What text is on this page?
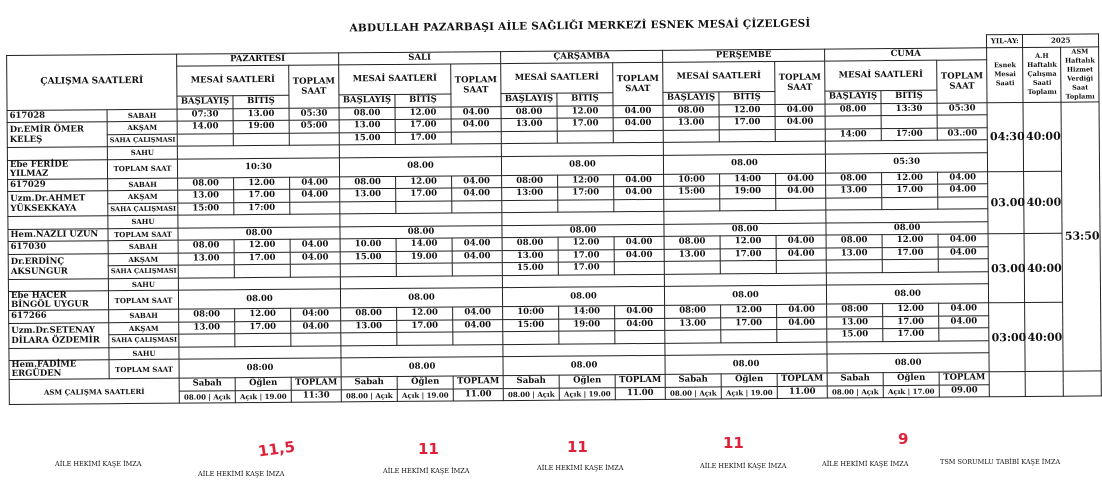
ABDULLAH PAZARBAŞI AİLE SAĞLIĞI MERKEZİ ESNEK MESAİ ÇİZELGESİ
																	YIL-AY:	2025	
ÇALIŞMA SAATLERİ		PAZARTESİ			SALI			ÇARŞAMBA			PERŞEMBE			CUMA			Esnek Mesai Saati	A.H Haftalık Çalışma Saati Toplamı	ASM Haftalık Hizmet Verdiği Saat Toplamı

		MESAİ SAATLERİ		TOPLAM SAAT	MESAİ SAATLERİ		TOPLAM SAAT	MESAİ SAATLERİ		TOPLAM SAAT	MESAİ SAATLERİ		TOPLAM SAAT	MESAİ SAATLERİ		TOPLAM SAAT			
		BAŞLAYIŞ	BİTİŞ		BAŞLAYIŞ	BİTİŞ		BAŞLAYIŞ	BİTİŞ		BAŞLAYIŞ	BİTİŞ		BAŞLAYIŞ	BİTİŞ				
617028	SABAH	07:30	13.00	05:30	08.00	12.00	04.00	08.00	12.00	04.00	08.00	12.00	04.00	08.00	13:30	05:30	04:30	40:00	53:50
Dr.EMİR ÖMER KELEŞ	AKŞAM	14.00	19:00	05:00	13.00	17.00	04.00	13.00	17.00	04.00	13.00	17.00	04.00						
	SAHA ÇALIŞMASI				15.00	17.00								14:00	17:00	03.:00			
	SAHU																		
Ebe FERİDE YILMAZ	TOPLAM SAAT	10:30			08.00			08.00			08.00			05:30					
617029	SABAH	08.00	12.00	04.00	08.00	12.00	04.00	08:00	12:00	04.00	10:00	14:00	04.00	08.00	12.00	04.00	03.00	40:00	
Uzm.Dr.AHMET YÜKSEKKAYA	AKŞAM	13.00	17.00	04.00	13.00	17.00	04.00	13:00	17:00	04.00	15:00	19:00	04.00	13.00	17.00	04.00			
	SAHA ÇALIŞMASI	15:00	17:00																
	SAHU																		
Hem.NAZLI UZUN	TOPLAM SAAT	08.00			08.00			08.00			08.00			08.00					
617030	SABAH	08.00	12.00	04.00	10.00	14.00	04.00	08.00	12.00	04.00	08.00	12.00	04.00	08.00	12.00	04.00	03.00	40:00	
Dr.ERDİNÇ AKSUNGUR	AKŞAM	13.00	17.00	04.00	15.00	19.00	04.00	13.00	17.00	04.00	13.00	17.00	04.00	13.00	17.00	04.00			
	SAHA ÇALIŞMASI							15.00	17.00										
	SAHU																		
Ebe HACER BİNGÖL UYGUR	TOPLAM SAAT	08.00			08.00			08.00			08.00			08.00					
617266	SABAH	08:00	12.00	04:00	08.00	12.00	04.00	10:00	14:00	04.00	08:00	12.00	04.00	08:00	12.00	04.00	03:00	40:00	
Uzm.Dr.SETENAY DİLARA ÖZDEMİR	AKŞAM	13.00	17.00	04.00	13.00	17.00	04.00	15:00	19:00	04:00	13.00	17.00	04.00	13.00	17.00	04.00			
	SAHA ÇALIŞMASI													15.00	17.00				
	SAHU																		
Hem.FADİME ERGÜDEN	TOPLAM SAAT	08:00			08.00			08.00			08.00			08.00					
ASM ÇALIŞMA SAATLERİ		Sabah	Öğlen	TOPLAM	Sabah	Öğlen	TOPLAM	Sabah	Öğlen	TOPLAM	Sabah	Öğlen	TOPLAM	Sabah	Öğlen	TOPLAM			
		08.00 | Açık	Açık | 19.00	11:30	08.00 | Açık	Açık | 19.00	11.00	08.00 | Açık	Açık | 19.00	11.00	08.00 | Açık	Açık | 19.00	11.00	08.00 | Açık	Açık | 17.00	09.00			
11,5	11	11	11	9
AİLE HEKİMİ KAŞE İMZA
AİLE HEKİMİ KAŞE İMZA	AİLE HEKİMİ KAŞE İMZA	AİLE HEKİMİ KAŞE İMZA	AİLE HEKİMİ KAŞE İMZA	AİLE HEKİMİ KAŞE İMZA	TSM SORUMLU TABİBİ KAŞE İMZA
